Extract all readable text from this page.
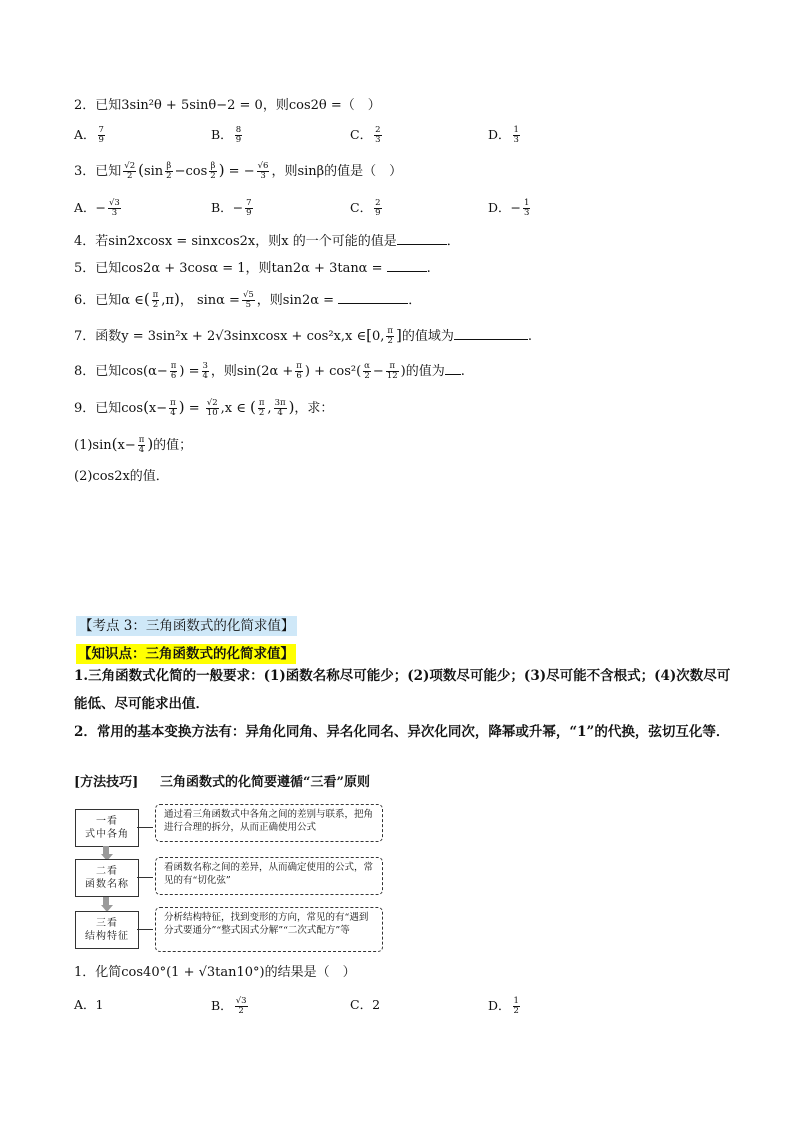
2．已知3sin²θ + 5sinθ−2 = 0，则cos2θ =（　）
A． $\frac{7}{9}$	B． $\frac{8}{9}$	C． $\frac{2}{3}$	D． $\frac{1}{3}$
3．已知 $\frac{√2}{2} (\sin \frac{\beta}{2} -\cos \frac{\beta}{2}$ ) = − $\frac{√6}{3}$ ，则sinβ的值是（　）
A．− $\frac{√3}{3}$	B．− $\frac{7}{9}$	C． $\frac{2}{9}$	D．− $\frac{1}{3}$
4．若sin2xcosx = sinxcos2x，则x 的一个可能的值是	．
5．已知cos2α + 3cosα = 1，则tan2α + 3tanα =	.
6．已知α ∈( $\frac{\pi}{2} ,\pi$)， $\sin\alpha = \frac{√5}{5}$ ，则sin2α =	．
7．函数y = 3sin²x + 2√3sinxcosx + cos²x,x ∈[0, $\frac{\pi}{2}$ ]的值域为	.
8．已知$\cos(\alpha- \frac{\pi}{6}$ ) = $\frac{3}{4}$ ，则$\sin(2\alpha + \frac{\pi}{6}$ ) + $\cos^2( \frac{\alpha}{2} - \frac{\pi}{12}$ )的值为 .
9．已知$\cos(x- \frac{\pi}{4}$ ) = $\frac{√2}{10} ,x$ ∈ ( $\frac{\pi}{2}$ , $\frac{3\pi}{4}$ )，求：
$(1)\sin(x- \frac{\pi}{4}$ )的值；
(2)cos2x的值．
【考点 3：三角函数式的化简求值】
【知识点：三角函数式的化简求值】
1.三角函数式化简的一般要求：(1)函数名称尽可能少；(2)项数尽可能少；(3)尽可能不含根式；(4)次数尽可能低、尽可能求出值．
2．常用的基本变换方法有：异角化同角、异名化同名、异次化同次，降幂或升幂，“1”的代换，弦切互化等．
[方法技巧] 三角函数式的化简要遵循“三看”原则
一看
式中各角
通过看三角函数式中各角之间的差别与联系，把角进行合理的拆分，从而正确使用公式
二看
函数名称
看函数名称之间的差异，从而确定使用的公式，常见的有“切化弦”
三看
结构特征
分析结构特征，找到变形的方向，常见的有“遇到分式要通分”“整式因式分解”“二次式配方”等
1．化简cos40°(1 + √3tan10°)的结果是（　）
A．1	B． $\frac{√3}{2}$	C．2	D． $\frac{1}{2}$
